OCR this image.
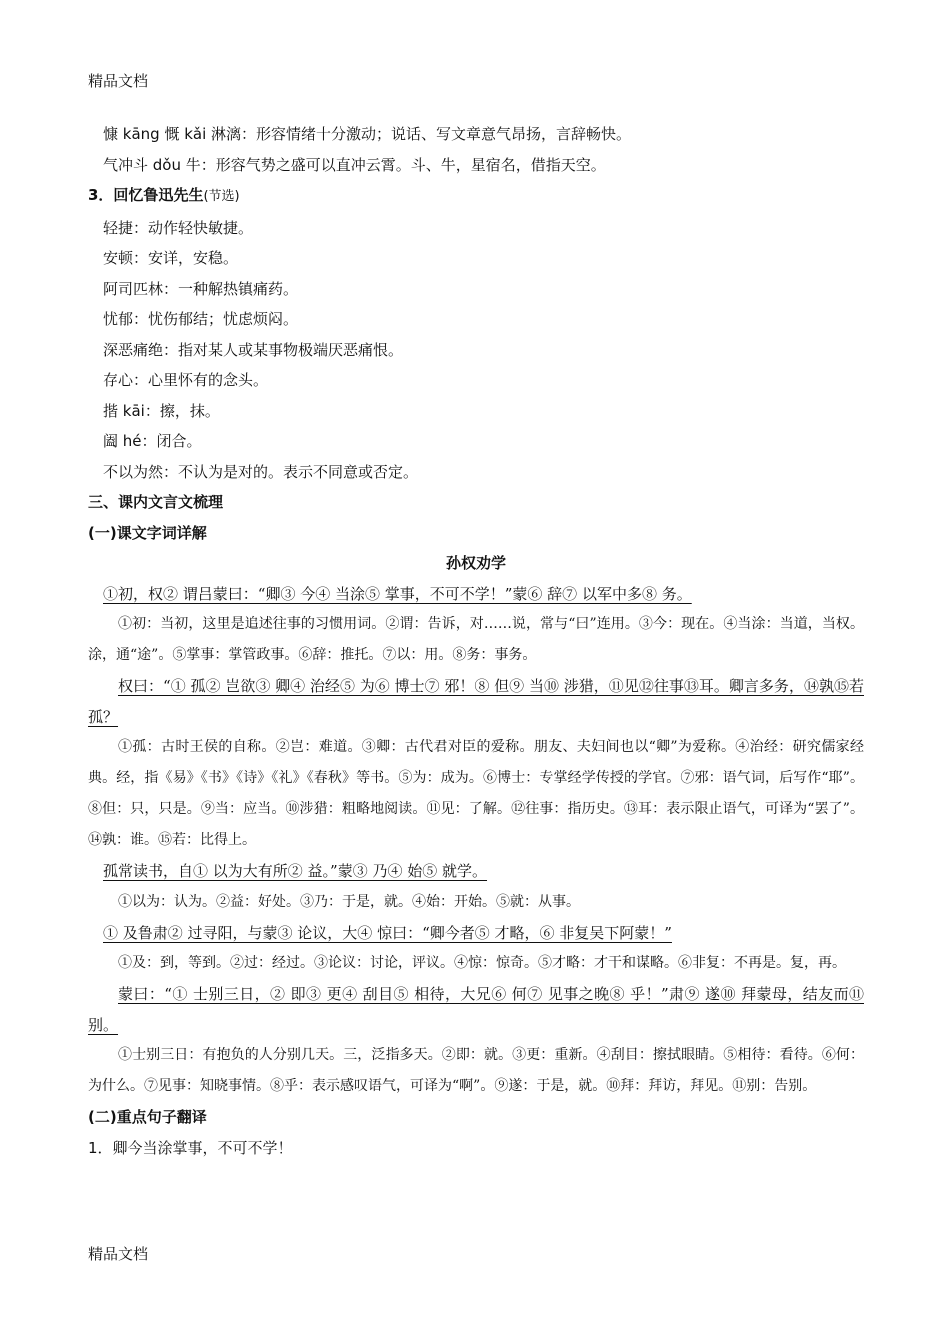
精品文档
慷 kāng 慨 kǎi 淋漓：形容情绪十分激动；说话、写文章意气昂扬，言辞畅快。
气冲斗 dǒu 牛：形容气势之盛可以直冲云霄。斗、牛，星宿名，借指天空。
3．回忆鲁迅先生(节选)
轻捷：动作轻快敏捷。
安顿：安详，安稳。
阿司匹林：一种解热镇痛药。
忧郁：忧伤郁结；忧虑烦闷。
深恶痛绝：指对某人或某事物极端厌恶痛恨。
存心：心里怀有的念头。
揩 kāi：擦，抹。
阖 hé：闭合。
不以为然：不认为是对的。表示不同意或否定。
三、课内文言文梳理
(一)课文字词详解
孙权劝学
①初，权② 谓吕蒙曰：“卿③ 今④ 当涂⑤ 掌事，不可不学！”蒙⑥ 辞⑦ 以军中多⑧ 务。
①初：当初，这里是追述往事的习惯用词。②谓：告诉，对……说，常与“曰”连用。③今：现在。④当涂：当道，当权。涂，通“途”。⑤掌事：掌管政事。⑥辞：推托。⑦以：用。⑧务：事务。
权曰：“① 孤② 岂欲③ 卿④ 治经⑤ 为⑥ 博士⑦ 邪！⑧ 但⑨ 当⑩ 涉猎，⑪见⑫往事⑬耳。卿言多务，⑭孰⑮若孤？
①孤：古时王侯的自称。②岂：难道。③卿：古代君对臣的爱称。朋友、夫妇间也以“卿”为爱称。④治经：研究儒家经典。经，指《易》《书》《诗》《礼》《春秋》等书。⑤为：成为。⑥博士：专掌经学传授的学官。⑦邪：语气词，后写作“耶”。⑧但：只，只是。⑨当：应当。⑩涉猎：粗略地阅读。⑪见：了解。⑫往事：指历史。⑬耳：表示限止语气，可译为“罢了”。⑭孰：谁。⑮若：比得上。
孤常读书，自① 以为大有所② 益。”蒙③ 乃④ 始⑤ 就学。
①以为：认为。②益：好处。③乃：于是，就。④始：开始。⑤就：从事。
① 及鲁肃② 过寻阳，与蒙③ 论议，大④ 惊曰：“卿今者⑤ 才略，⑥ 非复吴下阿蒙！”
①及：到，等到。②过：经过。③论议：讨论，评议。④惊：惊奇。⑤才略：才干和谋略。⑥非复：不再是。复，再。
蒙曰：“① 士别三日，② 即③ 更④ 刮目⑤ 相待，大兄⑥ 何⑦ 见事之晚⑧ 乎！”肃⑨ 遂⑩ 拜蒙母，结友而⑪别。
①士别三日：有抱负的人分别几天。三，泛指多天。②即：就。③更：重新。④刮目：擦拭眼睛。⑤相待：看待。⑥何：为什么。⑦见事：知晓事情。⑧乎：表示感叹语气，可译为“啊”。⑨遂：于是，就。⑩拜：拜访，拜见。⑪别：告别。
(二)重点句子翻译
1．卿今当涂掌事，不可不学！
精品文档
